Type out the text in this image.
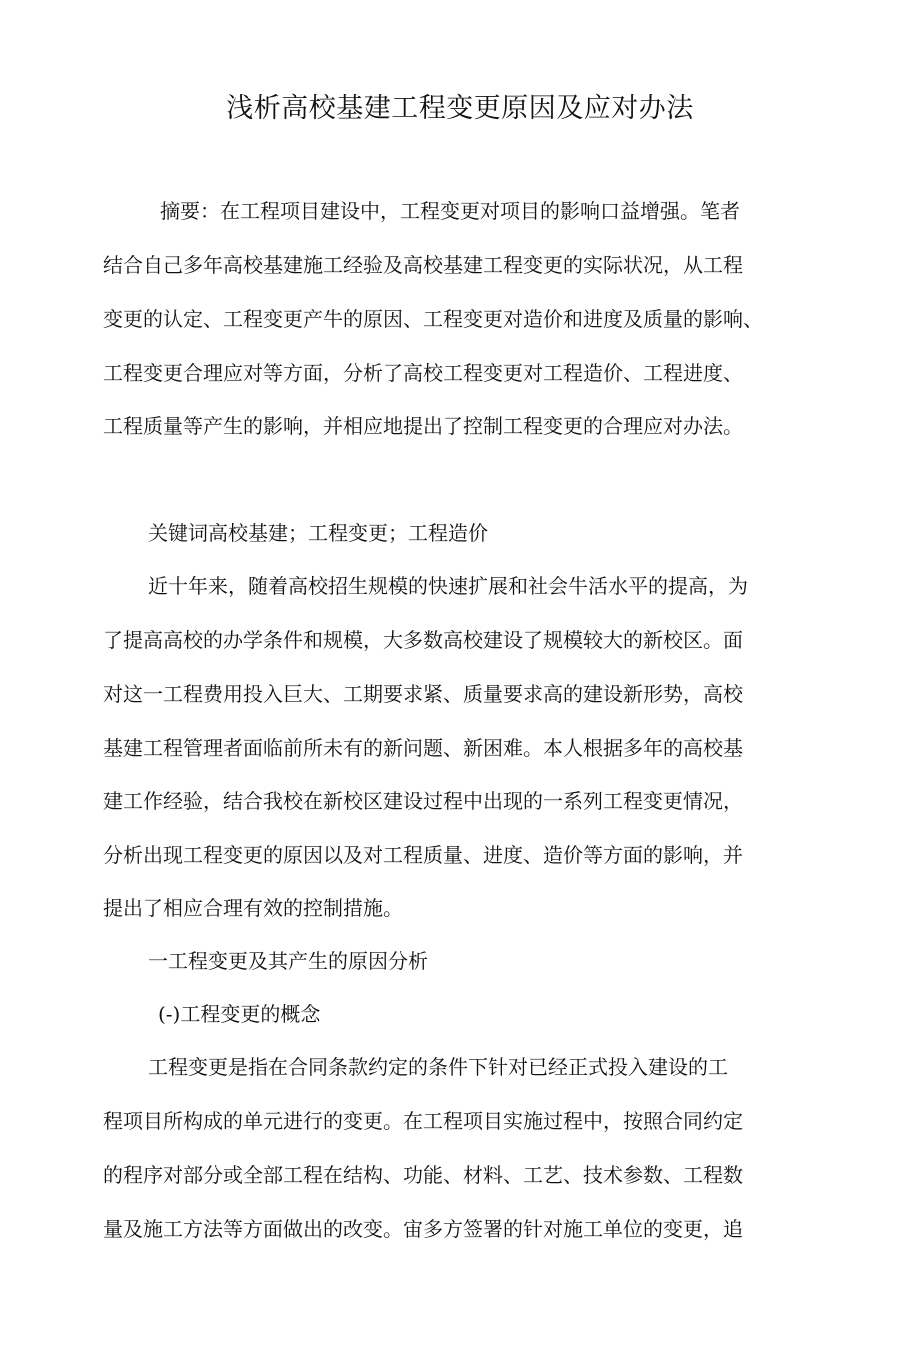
浅析高校基建工程变更原因及应对办法
摘要：在工程项目建设中，工程变更对项目的影响口益增强。笔者
结合自己多年高校基建施工经验及高校基建工程变更的实际状况，从工程
变更的认定、工程变更产牛的原因、工程变更对造价和进度及质量的影响、
工程变更合理应对等方面，分析了高校工程变更对工程造价、工程进度、
工程质量等产生的影响，并相应地提出了控制工程变更的合理应对办法。
关键词高校基建；工程变更；工程造价
近十年来，随着高校招生规模的快速扩展和社会牛活水平的提高，为
了提高高校的办学条件和规模，大多数高校建设了规模较大的新校区。面
对这一工程费用投入巨大、工期要求紧、质量要求高的建设新形势，高校
基建工程管理者面临前所未有的新问题、新困难。本人根据多年的高校基
建工作经验，结合我校在新校区建设过程中出现的一系列工程变更情况，
分析出现工程变更的原因以及对工程质量、进度、造价等方面的影响，并
提出了相应合理有效的控制措施。
一工程变更及其产生的原因分析
(-)工程变更的概念
工程变更是指在合同条款约定的条件下针对已经正式投入建设的工
程项目所构成的单元进行的变更。在工程项目实施过程中，按照合同约定
的程序对部分或全部工程在结构、功能、材料、工艺、技术参数、工程数
量及施工方法等方面做出的改变。宙多方签署的针对施工单位的变更，追
